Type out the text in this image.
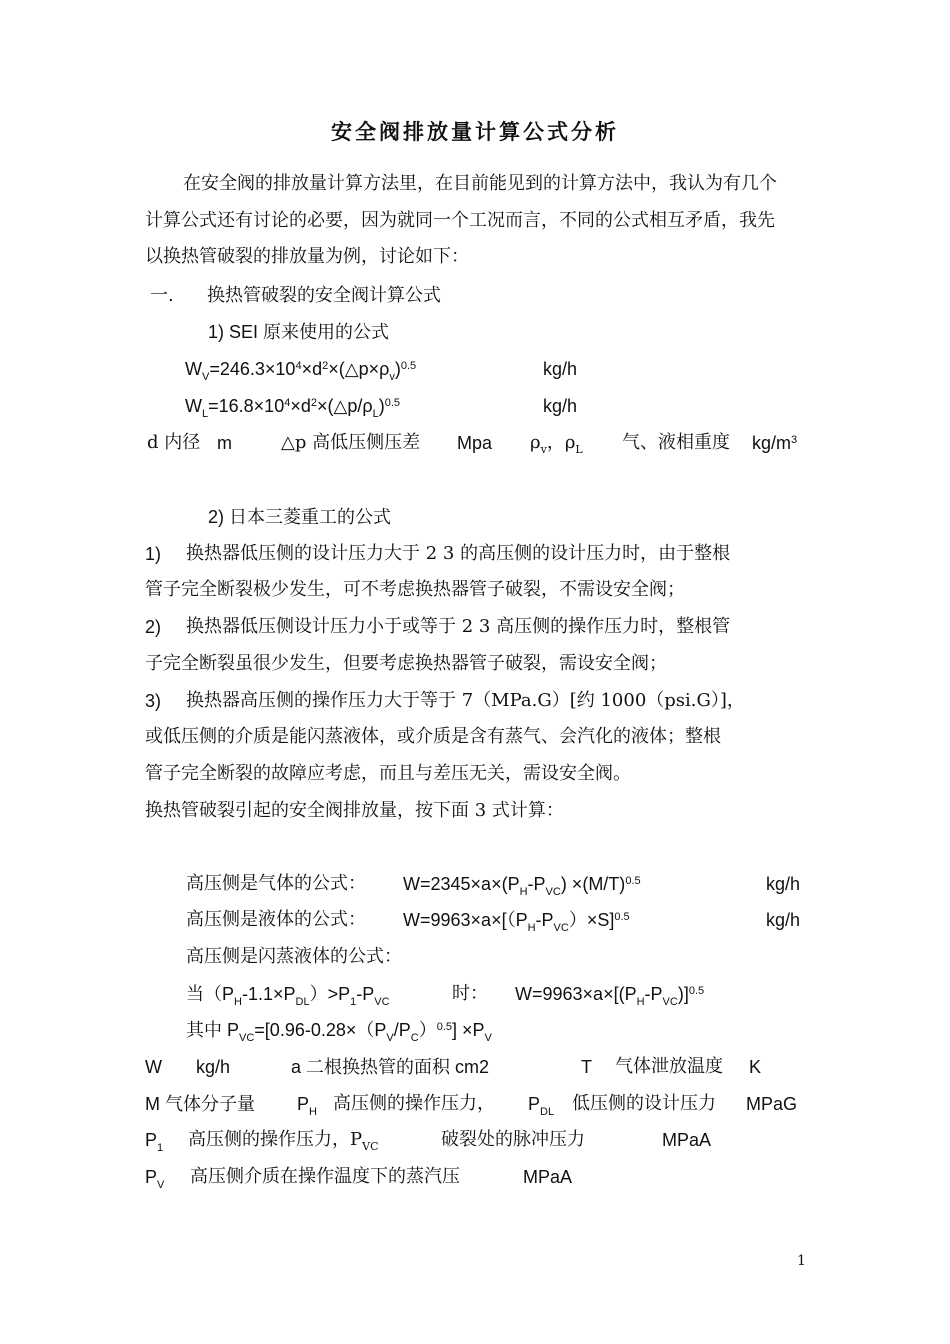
安全阀排放量计算公式分析
在安全阀的排放量计算方法里，在目前能见到的计算方法中，我认为有几个
计算公式还有讨论的必要，因为就同一个工况而言，不同的公式相互矛盾，我先
以换热管破裂的排放量为例，讨论如下：
一. 换热管破裂的安全阀计算公式
1) SEI 原来使用的公式
$W_V=246.3\times 10^4\times d^2\times(\triangle p\times\rho_v)^{0.5}$	kg/h
$W_L=16.8\times 10^4\times d^2\times(\triangle p/\rho_L)^{0.5}$	kg/h
d 内径 m	△p 高低压侧压差 Mpa $\rho_v$，$\rho_L$ 气、液相重度 $kg/m^3$
2) 日本三菱重工的公式
1) 换热器低压侧的设计压力大于 2 3 的高压侧的设计压力时，由于整根
管子完全断裂极少发生，可不考虑换热器管子破裂，不需设安全阀；
2) 换热器低压侧设计压力小于或等于 2 3 高压侧的操作压力时，整根管
子完全断裂虽很少发生，但要考虑换热器管子破裂，需设安全阀；
3) 换热器高压侧的操作压力大于等于 7（MPa.G）[约 1000（psi.G）]，
或低压侧的介质是能闪蒸液体，或介质是含有蒸气、会汽化的液体；整根
管子完全断裂的故障应考虑，而且与差压无关，需设安全阀。
换热管破裂引起的安全阀排放量，按下面 3 式计算：
高压侧是气体的公式： $W=2345\times a\times(P_H-P_{VC}) \times(M/T)^{0.5}$	kg/h
高压侧是液体的公式： $W=9963\times a\times[(P_H-P_{VC})\times S]^{0.5}$	kg/h
高压侧是闪蒸液体的公式：
当$(P_H-1.1\times P_{DL})>P_1-P_{VC}$	时： $W=9963\times a\times[(P_H-P_{VC})]^{0.5}$
其中 $P_{VC}=[0.96-0.28\times(P_V/P_C)^{0.5}] \times P_V$
W kg/h	a 二根换热管的面积 cm2	T 气体泄放温度 K
M 气体分子量 $P_H$ 高压侧的操作压力， $P_{DL}$ 低压侧的设计压力 MPaG
$P_1$ 高压侧的操作压力，$P_{VC}$	破裂处的脉冲压力	MPaA
$P_V$ 高压侧介质在操作温度下的蒸汽压	MPaA
1
